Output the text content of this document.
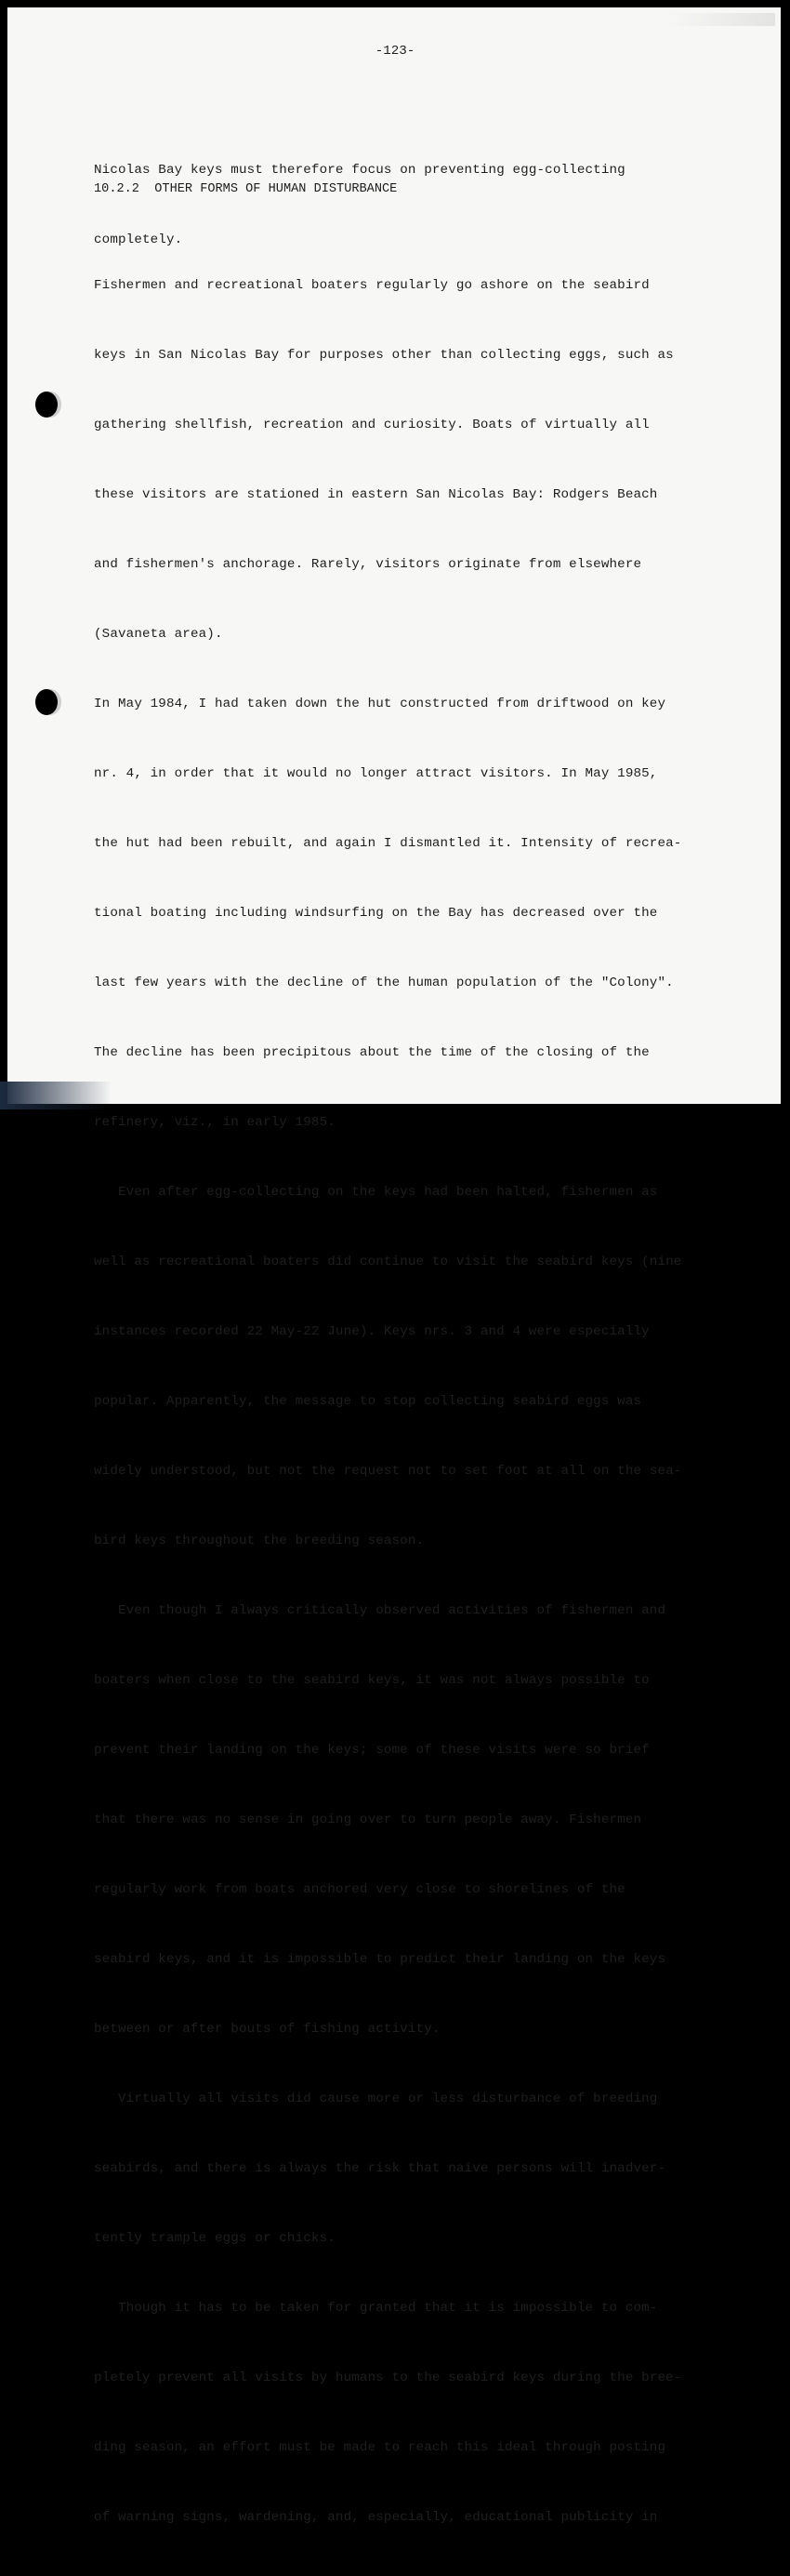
-123-

Nicolas Bay keys must therefore focus on preventing egg-collecting

completely.

10.2.2  OTHER FORMS OF HUMAN DISTURBANCE

Fishermen and recreational boaters regularly go ashore on the seabird

keys in San Nicolas Bay for purposes other than collecting eggs, such as

gathering shellfish, recreation and curiosity. Boats of virtually all

these visitors are stationed in eastern San Nicolas Bay: Rodgers Beach

and fishermen's anchorage. Rarely, visitors originate from elsewhere

(Savaneta area).

In May 1984, I had taken down the hut constructed from driftwood on key

nr. 4, in order that it would no longer attract visitors. In May 1985,

the hut had been rebuilt, and again I dismantled it. Intensity of recrea-

tional boating including windsurfing on the Bay has decreased over the

last few years with the decline of the human population of the "Colony".

The decline has been precipitous about the time of the closing of the

refinery, viz., in early 1985.

Even after egg-collecting on the keys had been halted, fishermen as

well as recreational boaters did continue to visit the seabird keys (nine

instances recorded 22 May-22 June). Keys nrs. 3 and 4 were especially

popular. Apparently, the message to stop collecting seabird eggs was

widely understood, but not the request not to set foot at all on the sea-

bird keys throughout the breeding season.

Even though I always critically observed activities of fishermen and

boaters when close to the seabird keys, it was not always possible to

prevent their landing on the keys; some of these visits were so brief

that there was no sense in going over to turn people away. Fishermen

regularly work from boats anchored very close to shorelines of the

seabird keys, and it is impossible to predict their landing on the keys

between or after bouts of fishing activity.

Virtually all visits did cause more or less disturbance of breeding

seabirds, and there is always the risk that naive persons will inadver-

tently trample eggs or chicks.

Though it has to be taken for granted that it is impossible to com-

pletely prevent all visits by humans to the seabird keys during the bree-

ding season, an effort must be made to reach this ideal through posting

of warning signs, wardening, and, especially, educational publicity in
